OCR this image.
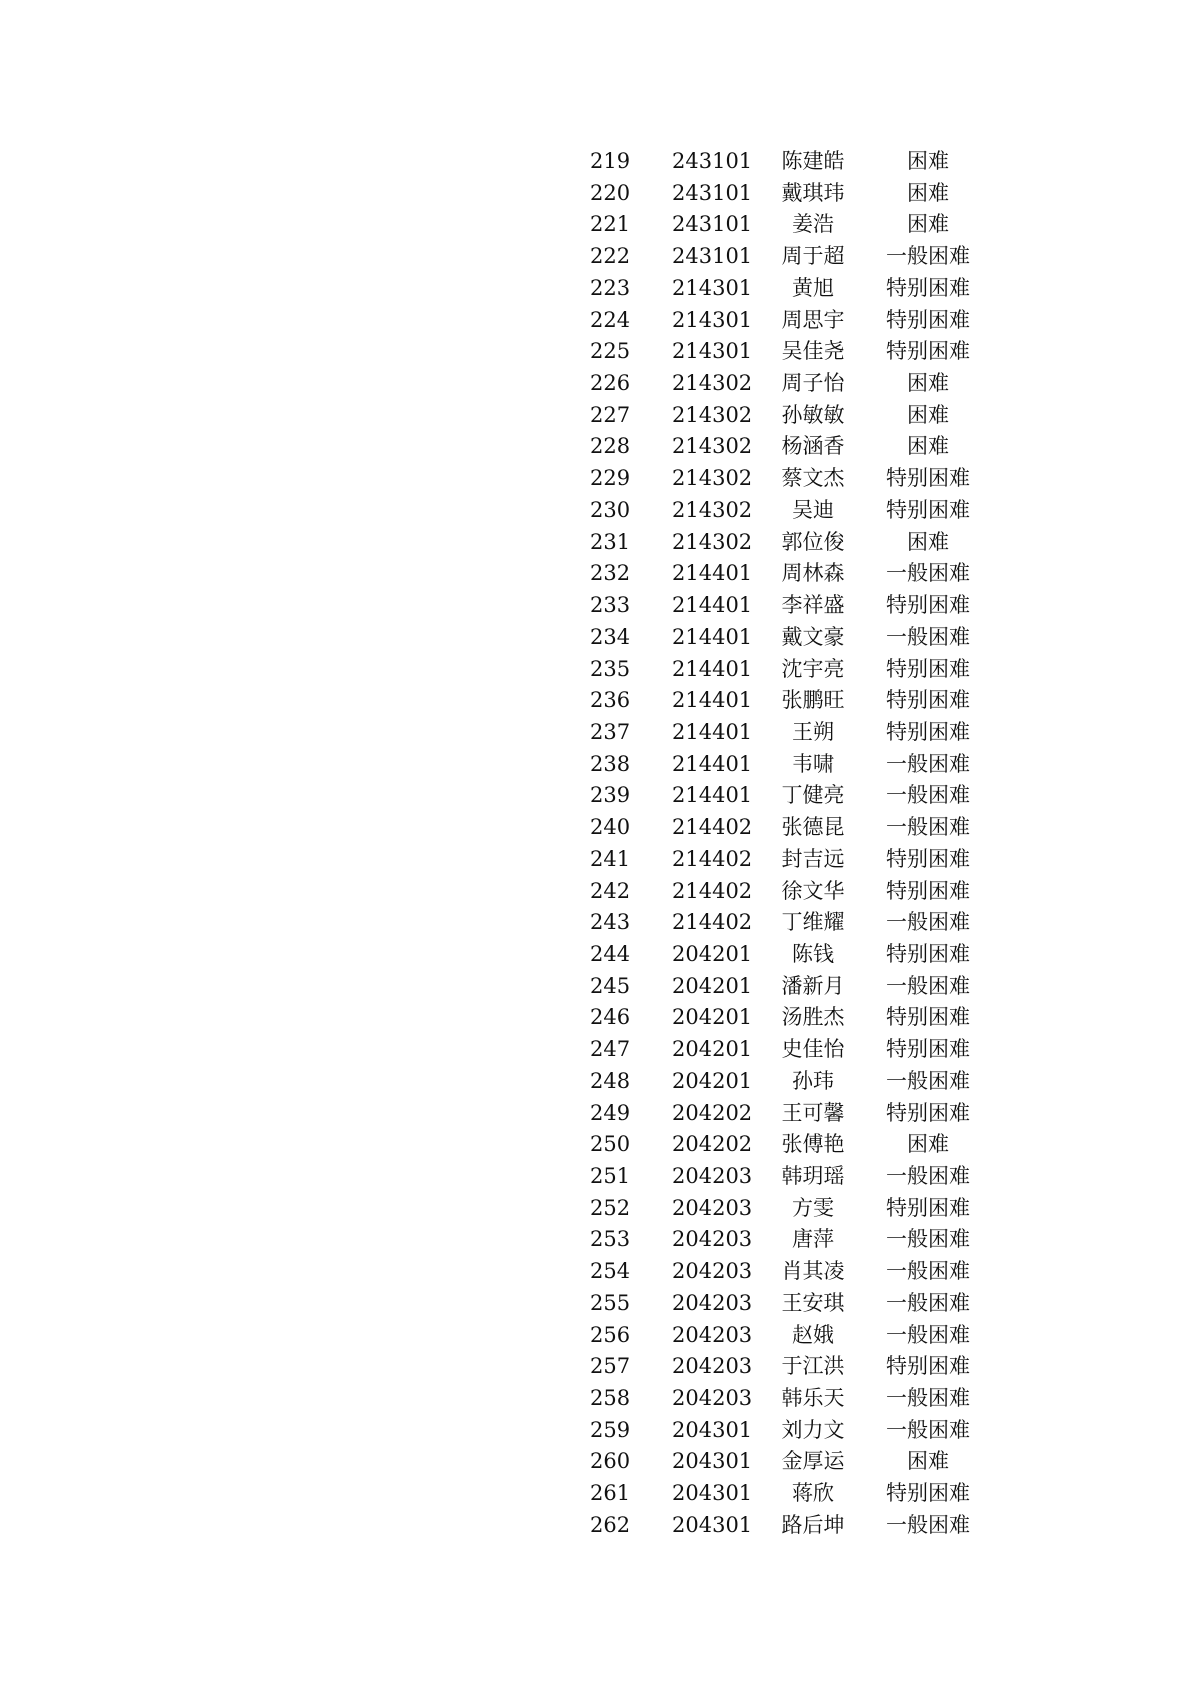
219	243101	陈建皓	困难
220	243101	戴琪玮	困难
221	243101	姜浩	困难
222	243101	周于超	一般困难
223	214301	黄旭	特别困难
224	214301	周思宇	特别困难
225	214301	吴佳尧	特别困难
226	214302	周子怡	困难
227	214302	孙敏敏	困难
228	214302	杨涵香	困难
229	214302	蔡文杰	特别困难
230	214302	吴迪	特别困难
231	214302	郭位俊	困难
232	214401	周林森	一般困难
233	214401	李祥盛	特别困难
234	214401	戴文豪	一般困难
235	214401	沈宇亮	特别困难
236	214401	张鹏旺	特别困难
237	214401	王朔	特别困难
238	214401	韦啸	一般困难
239	214401	丁健亮	一般困难
240	214402	张德昆	一般困难
241	214402	封吉远	特别困难
242	214402	徐文华	特别困难
243	214402	丁维耀	一般困难
244	204201	陈钱	特别困难
245	204201	潘新月	一般困难
246	204201	汤胜杰	特别困难
247	204201	史佳怡	特别困难
248	204201	孙玮	一般困难
249	204202	王可馨	特别困难
250	204202	张傅艳	困难
251	204203	韩玥瑶	一般困难
252	204203	方雯	特别困难
253	204203	唐萍	一般困难
254	204203	肖其凌	一般困难
255	204203	王安琪	一般困难
256	204203	赵娥	一般困难
257	204203	于江洪	特别困难
258	204203	韩乐天	一般困难
259	204301	刘力文	一般困难
260	204301	金厚运	困难
261	204301	蒋欣	特别困难
262	204301	路后坤	一般困难
